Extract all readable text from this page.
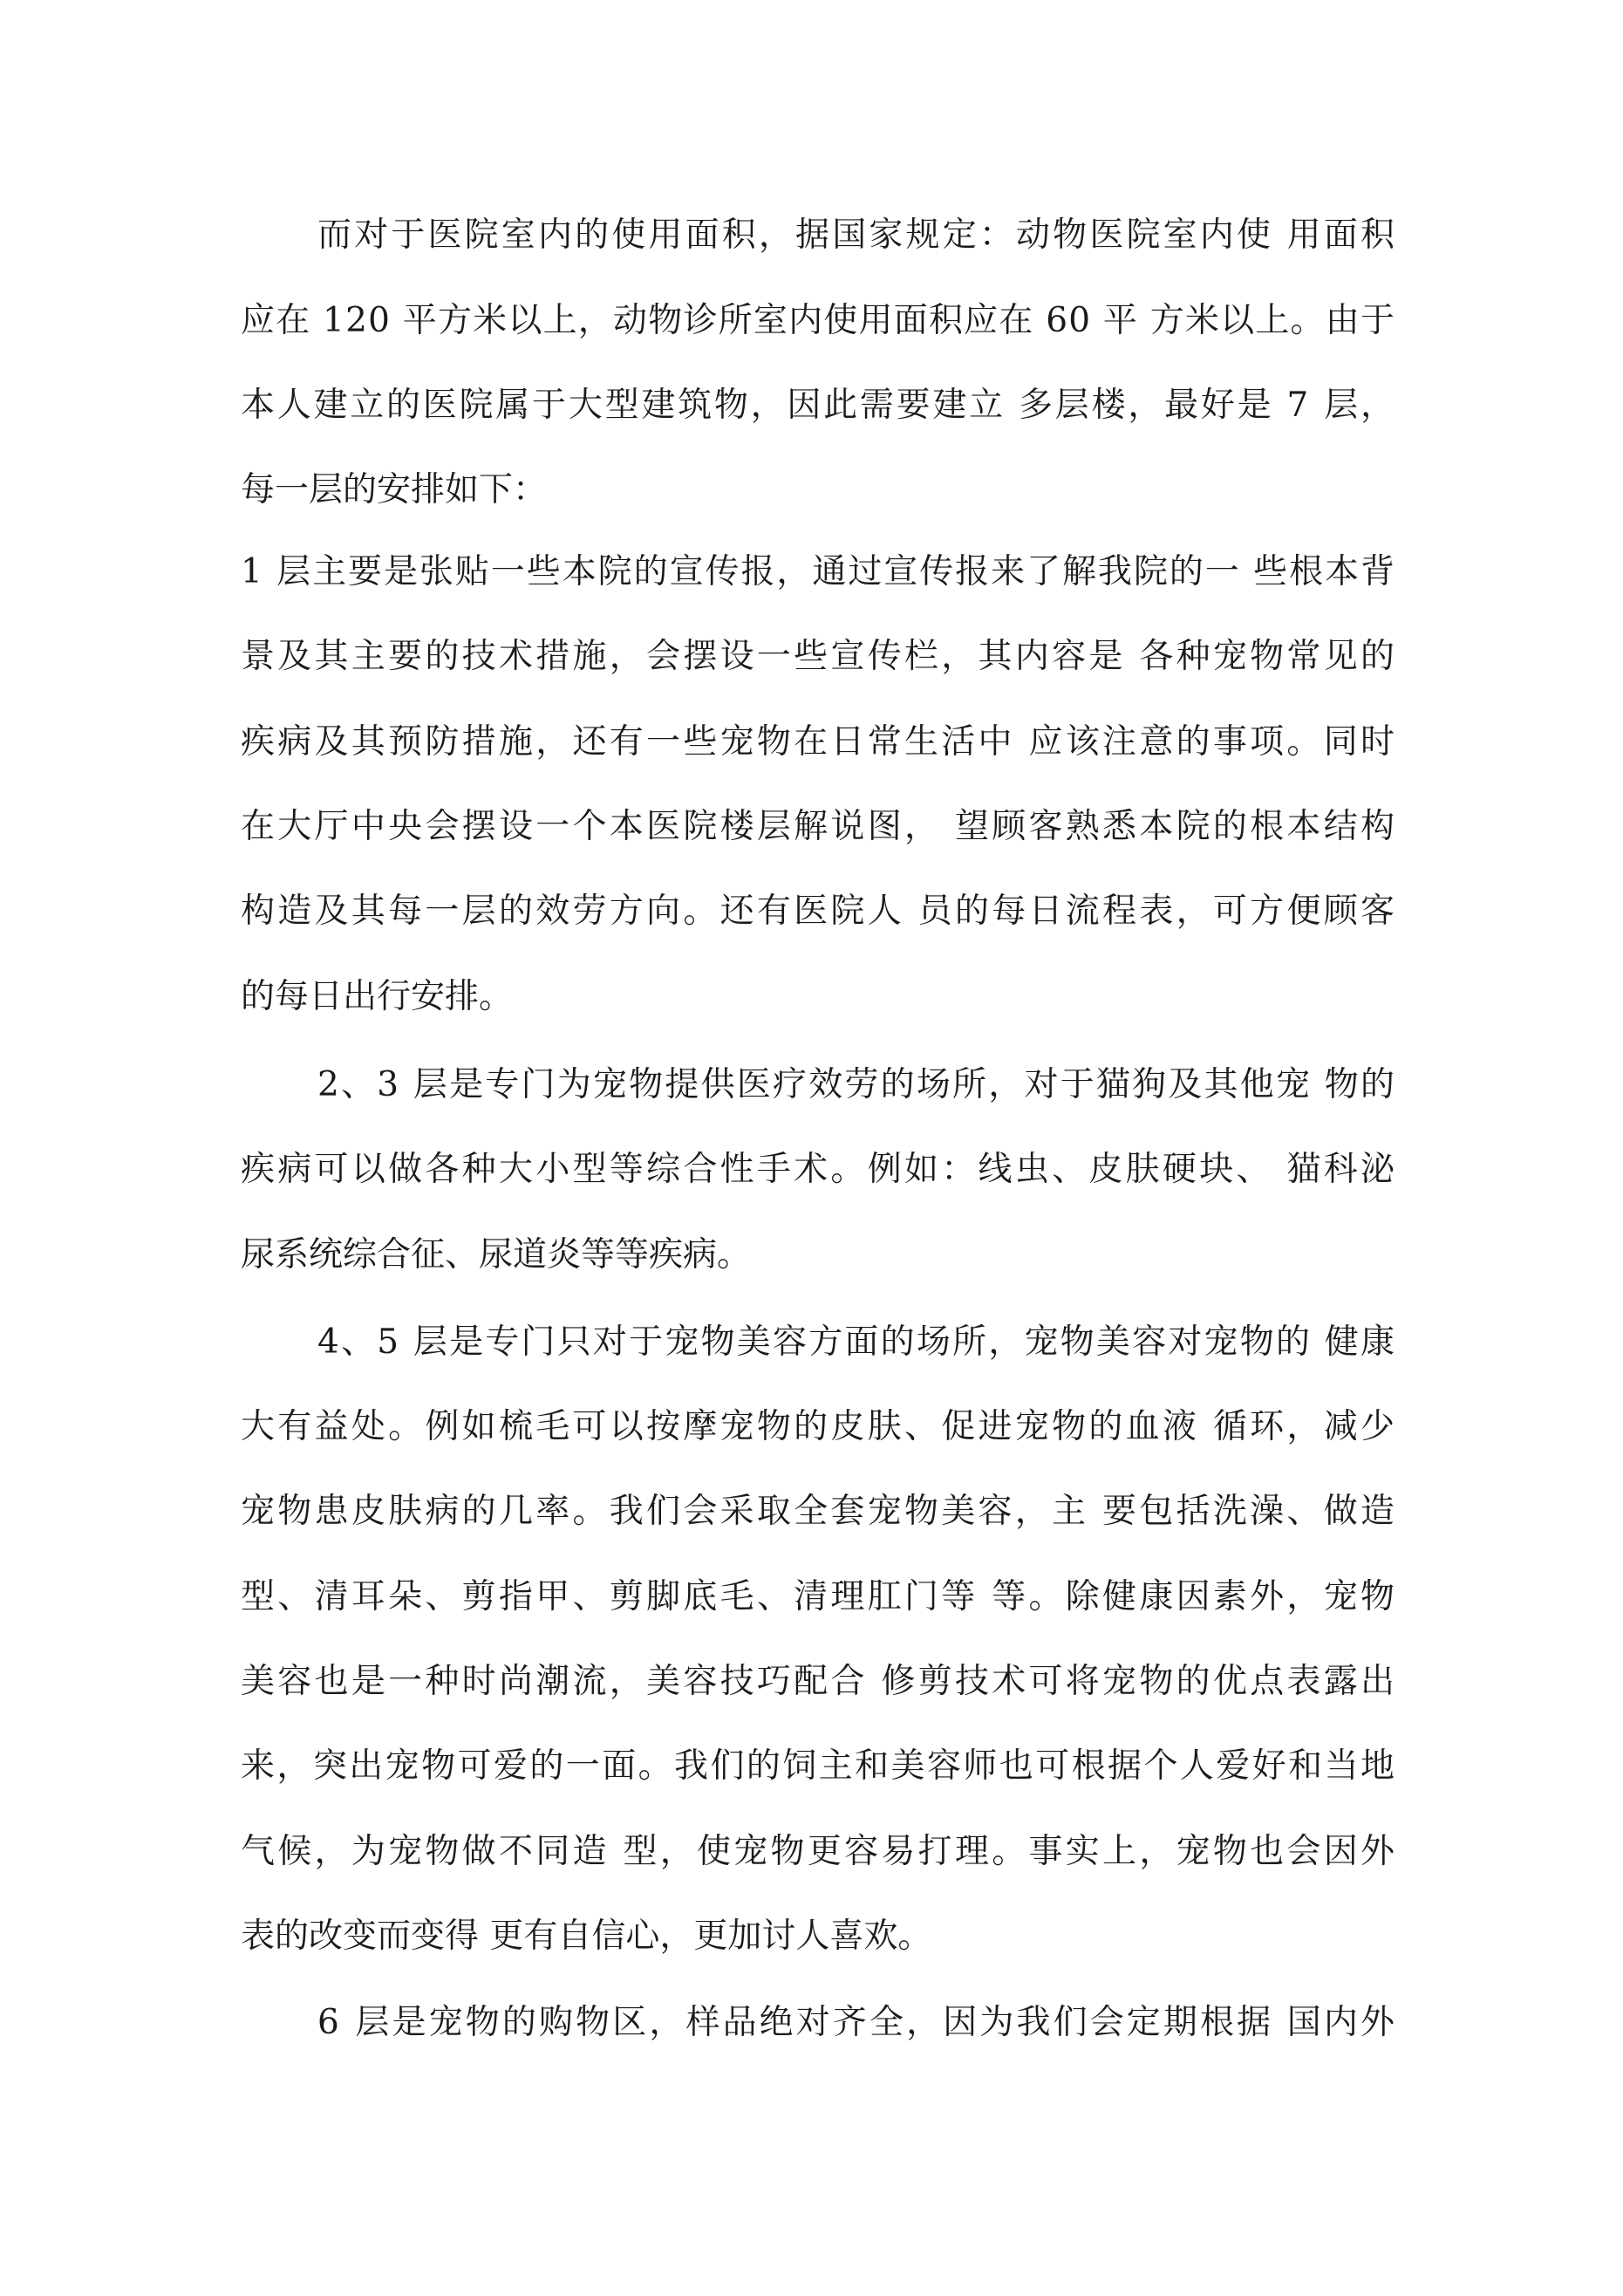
而对于医院室内的使用面积，据国家规定：动物医院室内使 用面积

应在 120 平方米以上，动物诊所室内使用面积应在 60 平 方米以上。由于

本人建立的医院属于大型建筑物，因此需要建立 多层楼，最好是 7 层，

每一层的安排如下：

1 层主要是张贴一些本院的宣传报，通过宣传报来了解我院的一 些根本背

景及其主要的技术措施，会摆设一些宣传栏，其内容是 各种宠物常见的

疾病及其预防措施，还有一些宠物在日常生活中 应该注意的事项。同时

在大厅中央会摆设一个本医院楼层解说图， 望顾客熟悉本院的根本结构

构造及其每一层的效劳方向。还有医院人 员的每日流程表，可方便顾客

的每日出行安排。

2、3 层是专门为宠物提供医疗效劳的场所，对于猫狗及其他宠 物的

疾病可以做各种大小型等综合性手术。例如：线虫、皮肤硬块、 猫科泌

尿系统综合征、尿道炎等等疾病。

4、5 层是专门只对于宠物美容方面的场所，宠物美容对宠物的 健康

大有益处。例如梳毛可以按摩宠物的皮肤、促进宠物的血液 循环，减少

宠物患皮肤病的几率。我们会采取全套宠物美容，主 要包括洗澡、做造

型、清耳朵、剪指甲、剪脚底毛、清理肛门等 等。除健康因素外，宠物

美容也是一种时尚潮流，美容技巧配合 修剪技术可将宠物的优点表露出

来，突出宠物可爱的一面。我们的饲主和美容师也可根据个人爱好和当地

气候，为宠物做不同造 型，使宠物更容易打理。事实上，宠物也会因外

表的改变而变得 更有自信心，更加讨人喜欢。

6 层是宠物的购物区，样品绝对齐全，因为我们会定期根据 国内外
